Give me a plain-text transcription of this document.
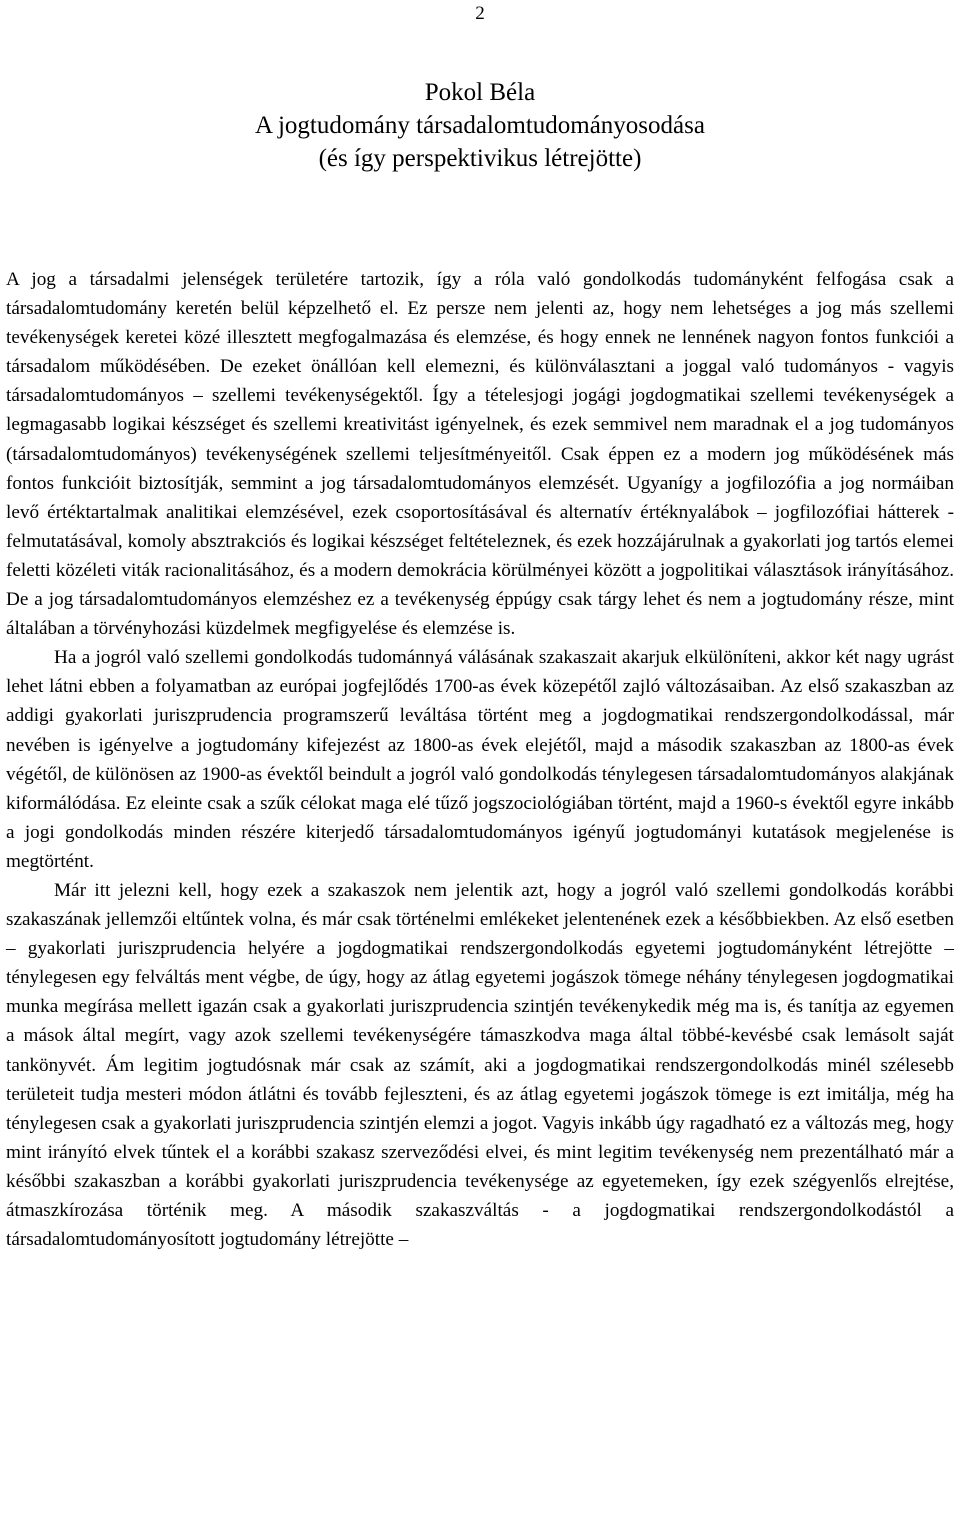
2
Pokol Béla
A jogtudomány társadalomtudományosodása
(és így perspektivikus létrejötte)

A jog a társadalmi jelenségek területére tartozik, így a róla való gondolkodás tudományként felfogása csak a társadalomtudomány keretén belül képzelhető el. Ez persze nem jelenti az, hogy nem lehetséges a jog más szellemi tevékenységek keretei közé illesztett megfogalmazása és elemzése, és hogy ennek ne lennének nagyon fontos funkciói a társadalom működésében. De ezeket önállóan kell elemezni, és különválasztani a joggal való tudományos - vagyis társadalomtudományos – szellemi tevékenységektől. Így a tételesjogi jogági jogdogmatikai szellemi tevékenységek a legmagasabb logikai készséget és szellemi kreativitást igényelnek, és ezek semmivel nem maradnak el a jog tudományos (társadalomtudományos) tevékenységének szellemi teljesítményeitől. Csak éppen ez a modern jog működésének más fontos funkcióit biztosítják, semmint a jog társadalomtudományos elemzését. Ugyanígy a jogfilozófia a jog normáiban levő értéktartalmak analitikai elemzésével, ezek csoportosításával és alternatív értéknyalábok – jogfilozófiai hátterek - felmutatásával, komoly absztrakciós és logikai készséget feltételeznek, és ezek hozzájárulnak a gyakorlati jog tartós elemei feletti közéleti viták racionalitásához, és a modern demokrácia körülményei között a jogpolitikai választások irányításához. De a jog társadalomtudományos elemzéshez ez a tevékenység éppúgy csak tárgy lehet és nem a jogtudomány része, mint általában a törvényhozási küzdelmek megfigyelése és elemzése is.

Ha a jogról való szellemi gondolkodás tudománnyá válásának szakaszait akarjuk elkülöníteni, akkor két nagy ugrást lehet látni ebben a folyamatban az európai jogfejlődés 1700-as évek közepétől zajló változásaiban. Az első szakaszban az addigi gyakorlati juriszprudencia programszerű leváltása történt meg a jogdogmatikai rendszergondolkodással, már nevében is igényelve a jogtudomány kifejezést az 1800-as évek elejétől, majd a második szakaszban az 1800-as évek végétől, de különösen az 1900-as évektől beindult a jogról való gondolkodás ténylegesen társadalomtudományos alakjának kiformálódása. Ez eleinte csak a szűk célokat maga elé tűző jogszociológiában történt, majd a 1960-s évektől egyre inkább a jogi gondolkodás minden részére kiterjedő társadalomtudományos igényű jogtudományi kutatások megjelenése is megtörtént.

Már itt jelezni kell, hogy ezek a szakaszok nem jelentik azt, hogy a jogról való szellemi gondolkodás korábbi szakaszának jellemzői eltűntek volna, és már csak történelmi emlékeket jelentenének ezek a későbbiekben. Az első esetben – gyakorlati juriszprudencia helyére a jogdogmatikai rendszergondolkodás egyetemi jogtudományként létrejötte – ténylegesen egy felváltás ment végbe, de úgy, hogy az átlag egyetemi jogászok tömege néhány ténylegesen jogdogmatikai munka megírása mellett igazán csak a gyakorlati juriszprudencia szintjén tevékenykedik még ma is, és tanítja az egyemen a mások által megírt, vagy azok szellemi tevékenységére támaszkodva maga által többé-kevésbé csak lemásolt saját tankönyvét. Ám legitim jogtudósnak már csak az számít, aki a jogdogmatikai rendszergondolkodás minél szélesebb területeit tudja mesteri módon átlátni és tovább fejleszteni, és az átlag egyetemi jogászok tömege is ezt imitálja, még ha ténylegesen csak a gyakorlati juriszprudencia szintjén elemzi a jogot. Vagyis inkább úgy ragadható ez a változás meg, hogy mint irányító elvek tűntek el a korábbi szakasz szerveződési elvei, és mint legitim tevékenység nem prezentálható már a későbbi szakaszban a korábbi gyakorlati juriszprudencia tevékenysége az egyetemeken, így ezek szégyenlős elrejtése, átmaszkírozása történik meg. A második szakaszváltás - a jogdogmatikai rendszergondolkodástól a társadalomtudományosított jogtudomány létrejötte –
